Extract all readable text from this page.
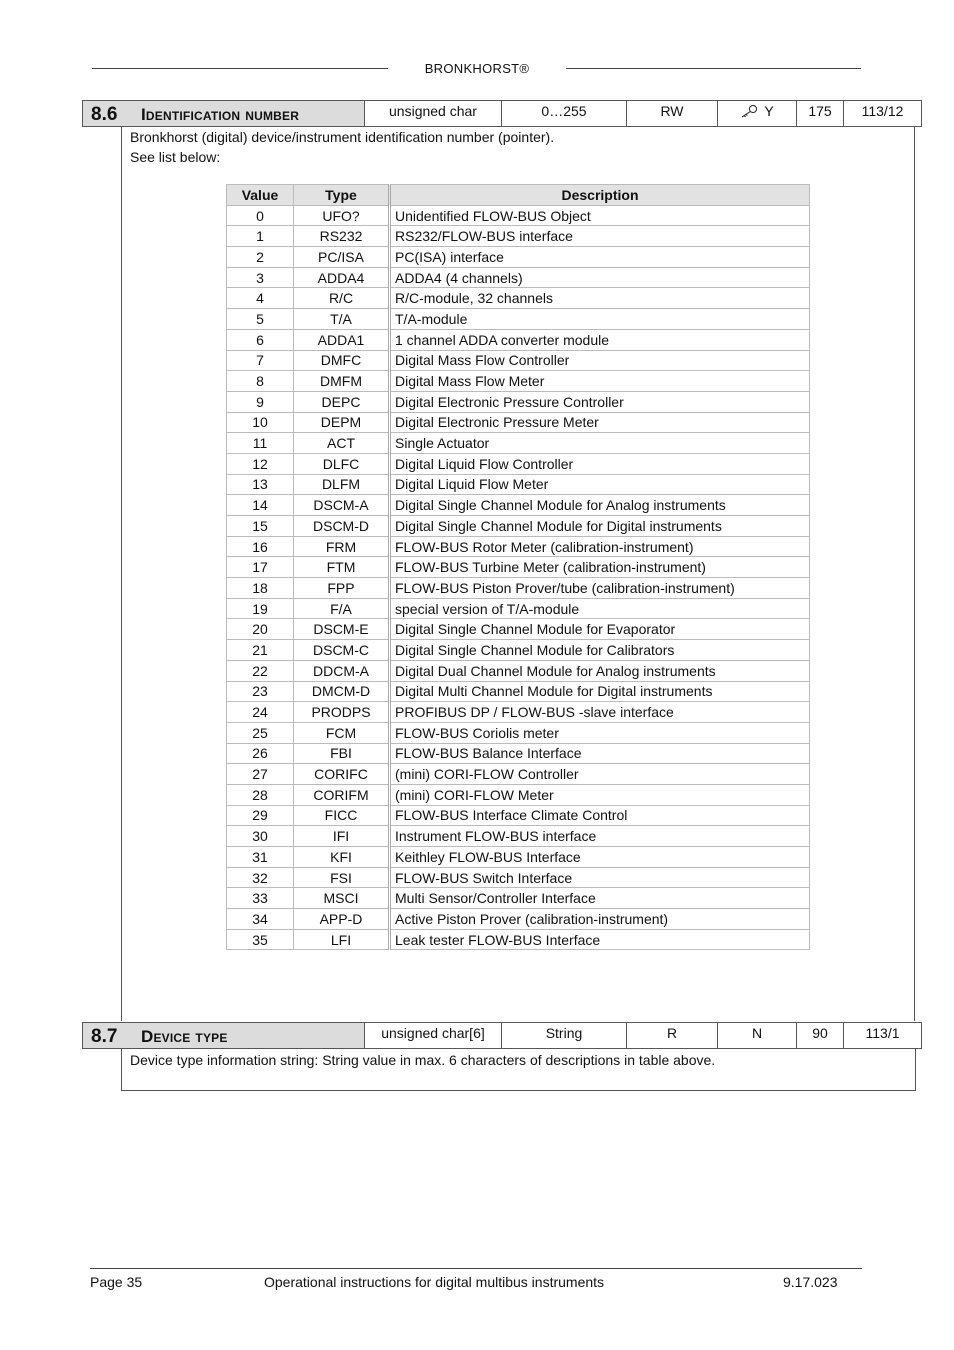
BRONKHORST®
8.6	Identification number	unsigned char	0…255	RW	Y	175	113/12
Bronkhorst (digital) device/instrument identification number (pointer).
See list below:
Value	Type	Description
0	UFO?	Unidentified FLOW-BUS Object
1	RS232	RS232/FLOW-BUS interface
2	PC/ISA	PC(ISA) interface
3	ADDA4	ADDA4 (4 channels)
4	R/C	R/C-module, 32 channels
5	T/A	T/A-module
6	ADDA1	1 channel ADDA converter module
7	DMFC	Digital Mass Flow Controller
8	DMFM	Digital Mass Flow Meter
9	DEPC	Digital Electronic Pressure Controller
10	DEPM	Digital Electronic Pressure Meter
11	ACT	Single Actuator
12	DLFC	Digital Liquid Flow Controller
13	DLFM	Digital Liquid Flow Meter
14	DSCM-A	Digital Single Channel Module for Analog instruments
15	DSCM-D	Digital Single Channel Module for Digital instruments
16	FRM	FLOW-BUS Rotor Meter (calibration-instrument)
17	FTM	FLOW-BUS Turbine Meter (calibration-instrument)
18	FPP	FLOW-BUS Piston Prover/tube (calibration-instrument)
19	F/A	special version of T/A-module
20	DSCM-E	Digital Single Channel Module for Evaporator
21	DSCM-C	Digital Single Channel Module for Calibrators
22	DDCM-A	Digital Dual Channel Module for Analog instruments
23	DMCM-D	Digital Multi Channel Module for Digital instruments
24	PRODPS	PROFIBUS DP / FLOW-BUS -slave interface
25	FCM	FLOW-BUS Coriolis meter
26	FBI	FLOW-BUS Balance Interface
27	CORIFC	(mini) CORI-FLOW Controller
28	CORIFM	(mini) CORI-FLOW Meter
29	FICC	FLOW-BUS Interface Climate Control
30	IFI	Instrument FLOW-BUS interface
31	KFI	Keithley FLOW-BUS Interface
32	FSI	FLOW-BUS Switch Interface
33	MSCI	Multi Sensor/Controller Interface
34	APP-D	Active Piston Prover (calibration-instrument)
35	LFI	Leak tester FLOW-BUS Interface
8.7	Device type	unsigned char[6]	String	R	N	90	113/1
Device type information string: String value in max. 6 characters of descriptions in table above.
Page 35	Operational instructions for digital multibus instruments	9.17.023
